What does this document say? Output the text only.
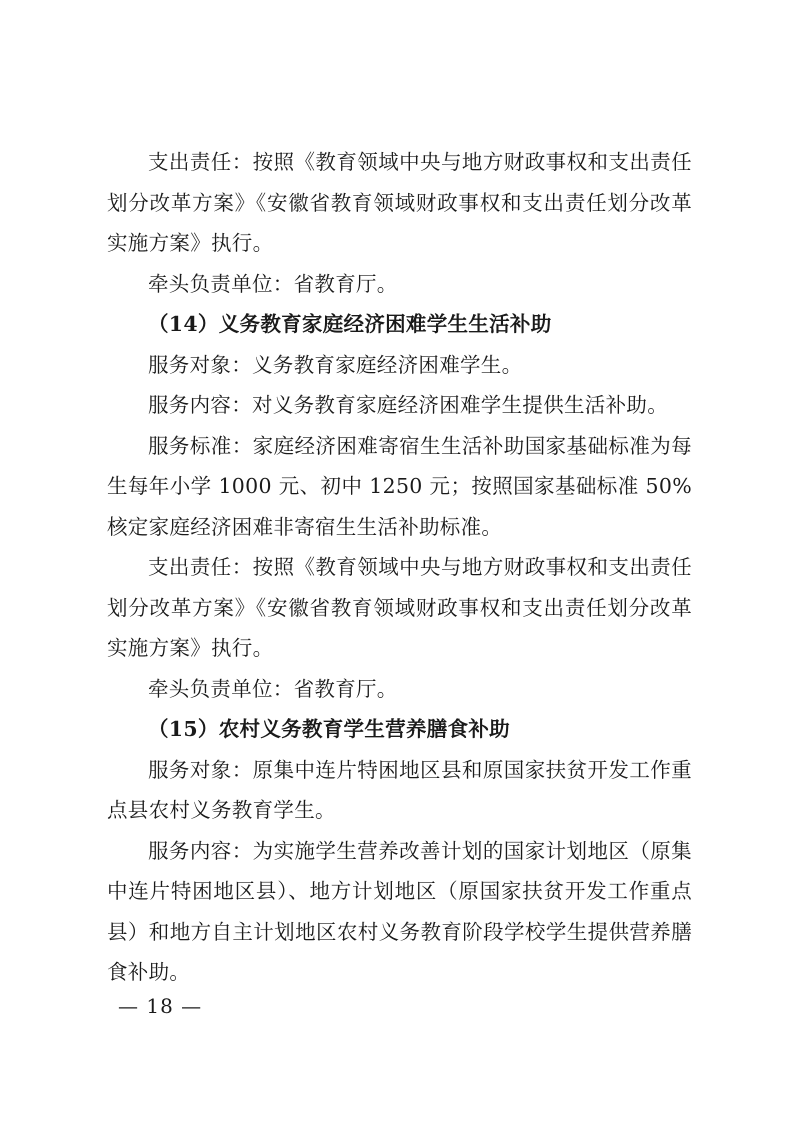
支出责任：按照《教育领域中央与地方财政事权和支出责任划分改革方案》《安徽省教育领域财政事权和支出责任划分改革实施方案》执行。

牵头负责单位：省教育厅。

（14）义务教育家庭经济困难学生生活补助

服务对象：义务教育家庭经济困难学生。

服务内容：对义务教育家庭经济困难学生提供生活补助。

服务标准：家庭经济困难寄宿生生活补助国家基础标准为每生每年小学 1000 元、初中 1250 元；按照国家基础标准 50%核定家庭经济困难非寄宿生生活补助标准。

支出责任：按照《教育领域中央与地方财政事权和支出责任划分改革方案》《安徽省教育领域财政事权和支出责任划分改革实施方案》执行。

牵头负责单位：省教育厅。

（15）农村义务教育学生营养膳食补助

服务对象：原集中连片特困地区县和原国家扶贫开发工作重点县农村义务教育学生。

服务内容：为实施学生营养改善计划的国家计划地区（原集中连片特困地区县）、地方计划地区（原国家扶贫开发工作重点县）和地方自主计划地区农村义务教育阶段学校学生提供营养膳食补助。

— 18 —
